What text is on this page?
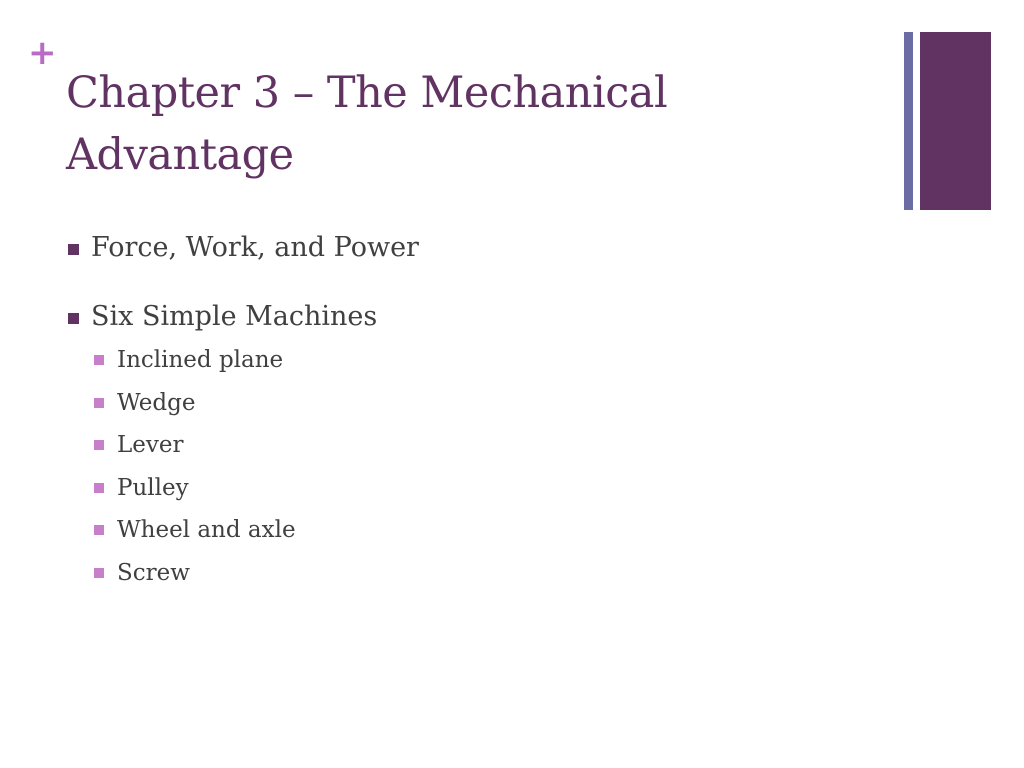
+
Chapter 3 – The Mechanical
Advantage
Force, Work, and Power
Six Simple Machines
Inclined plane
Wedge
Lever
Pulley
Wheel and axle
Screw
